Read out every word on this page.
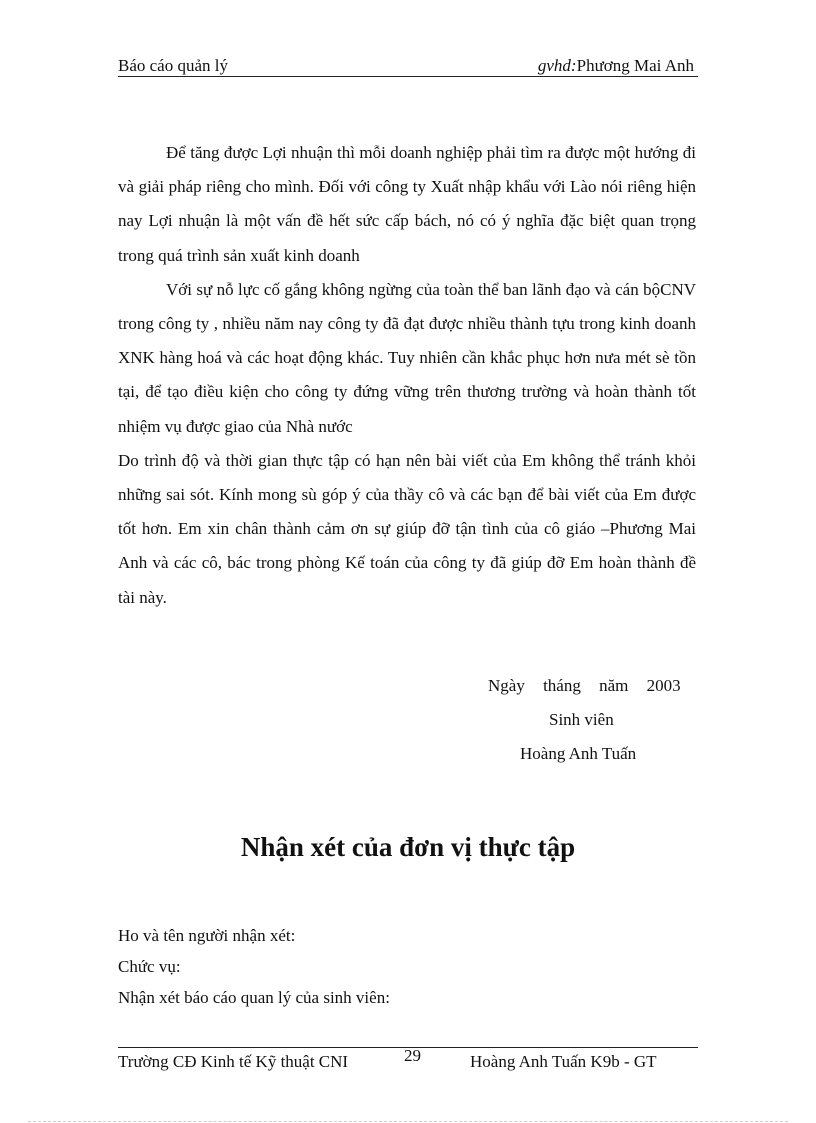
Báo cáo quản lý	gvhd:Phương Mai Anh

Để tăng được Lợi nhuận thì mỗi doanh nghiệp phải tìm ra được một hướng đi và giải pháp riêng cho mình. Đối với công ty Xuất nhập khẩu với Lào nói riêng hiện nay Lợi nhuận là một vấn đề hết sức cấp bách, nó có ý nghĩa đặc biệt quan trọng trong quá trình sản xuất kinh doanh

Với sự nỗ lực cố gắng không ngừng của toàn thể ban lãnh đạo và cán bộCNV trong công ty , nhiều năm nay công ty đã đạt được nhiều thành tựu trong kinh doanh XNK hàng hoá và các hoạt động khác. Tuy nhiên cần khắc phục hơn nưa mét sè tồn tại, để tạo điều kiện cho công ty đứng vững trên thương trường và hoàn thành tốt nhiệm vụ được giao của Nhà nước

Do trình độ và thời gian thực tập có hạn nên bài viết của Em không thể tránh khỏi những sai sót. Kính mong sù góp ý của thầy cô và các bạn để bài viết của Em được tốt hơn. Em xin chân thành cảm ơn sự giúp đỡ tận tình của cô giáo –Phương Mai Anh và các cô, bác trong phòng Kế toán của công ty đã giúp đỡ Em hoàn thành đề tài này.

Ngày tháng năm 2003
Sinh viên
Hoàng Anh Tuấn
Nhận xét của đơn vị thực tập
Ho và tên người nhận xét:
Chức vụ:
Nhận xét báo cáo quan lý của sinh viên:
Trường CĐ Kinh tế Kỹ thuật CNI	29	Hoàng Anh Tuấn K9b - GT
